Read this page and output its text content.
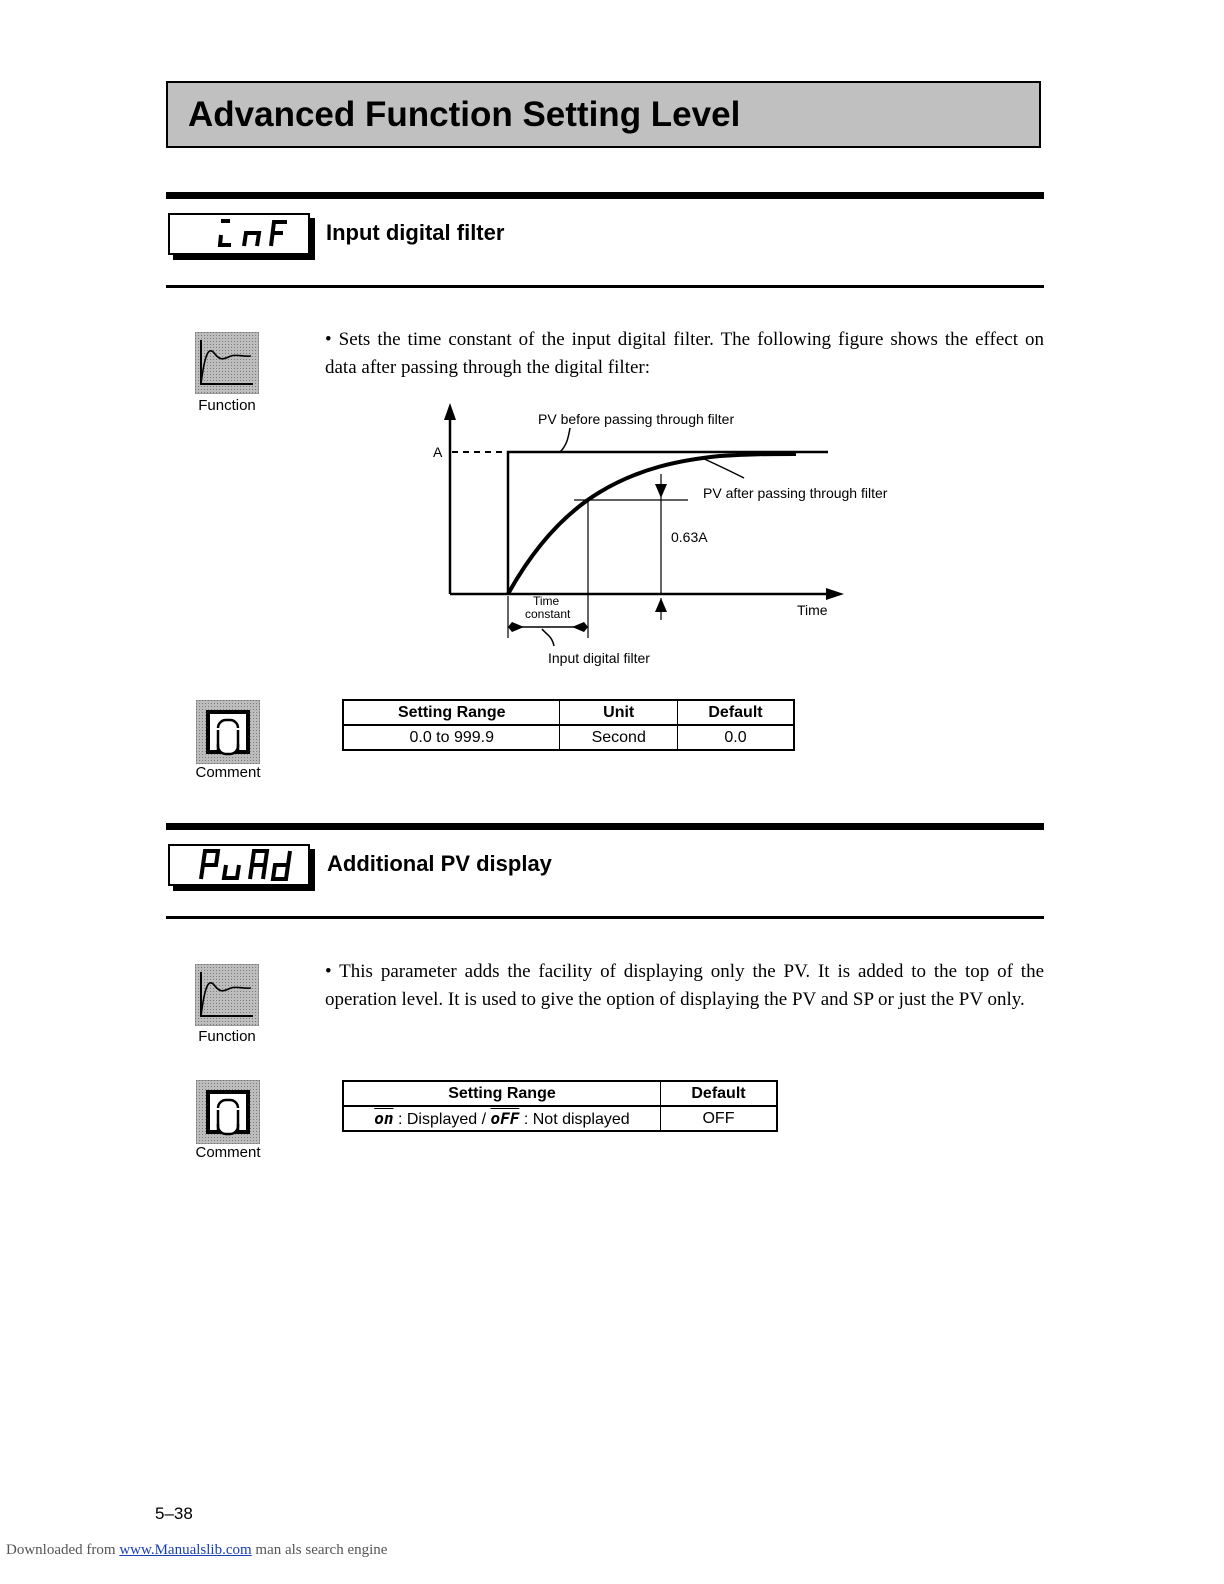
Advanced Function Setting Level
Input digital filter
Function
• Sets the time constant of the input digital filter. The following figure shows the effect on data after passing through the digital filter:
PV before passing through filter
PV after passing through filter
A
0.63A
Time
Time
constant
Input digital filter
Comment
Setting Range	Unit	Default
0.0 to 999.9	Second	0.0
Additional PV display
Function
• This parameter adds the facility of displaying only the PV. It is added to the top of the operation level. It is used to give the option of displaying the PV and SP or just the PV only.
Comment
Setting Range	Default
$\overline{on}$ : Displayed / $\overline{oFF}$ : Not displayed	OFF
5–38
Downloaded from www.Manualslib.com man als search engine
